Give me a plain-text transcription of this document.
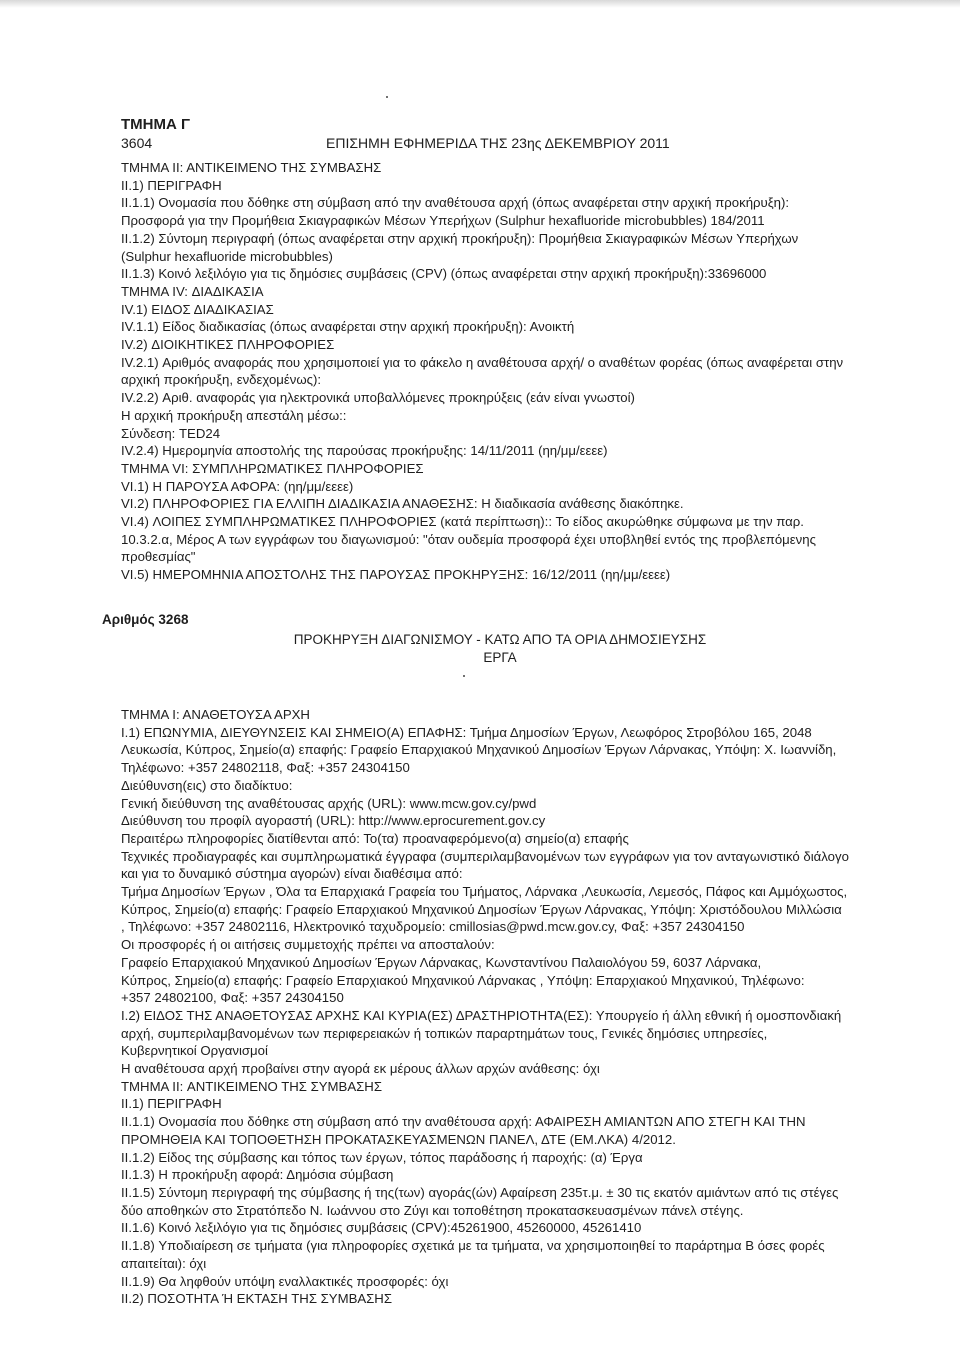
ΤΜΗΜΑ Γ
3604	ΕΠΙΣΗΜΗ ΕΦΗΜΕΡΙΔΑ ΤΗΣ 23ης ΔΕΚΕΜΒΡΙΟΥ 2011

ΤΜΗΜΑ ΙΙ: ΑΝΤΙΚΕΙΜΕΝΟ ΤΗΣ ΣΥΜΒΑΣΗΣ

II.1) ΠΕΡΙΓΡΑΦΗ

II.1.1) Ονομασία που δόθηκε στη σύμβαση από την αναθέτουσα αρχή (όπως αναφέρεται στην αρχική προκήρυξη):

Προσφορά για την Προμήθεια Σκιαγραφικών Μέσων Υπερήχων (Sulphur hexafluoride microbubbles) 184/2011

II.1.2) Σύντομη περιγραφή (όπως αναφέρεται στην αρχική προκήρυξη): Προμήθεια Σκιαγραφικών Μέσων Υπερήχων

(Sulphur hexafluoride microbubbles)

II.1.3) Κοινό λεξιλόγιο για τις δημόσιες συμβάσεις (CPV) (όπως αναφέρεται στην αρχική προκήρυξη):33696000

ΤΜΗΜΑ IV: ΔΙΑΔΙΚΑΣΙΑ

IV.1) ΕΙΔΟΣ ΔΙΑΔΙΚΑΣΙΑΣ

IV.1.1) Είδος διαδικασίας (όπως αναφέρεται στην αρχική προκήρυξη): Ανοικτή

IV.2) ΔΙΟΙΚΗΤΙΚΕΣ ΠΛΗΡΟΦΟΡΙΕΣ

IV.2.1) Αριθμός αναφοράς που χρησιμοποιεί για το φάκελο η αναθέτουσα αρχή/ ο αναθέτων φορέας (όπως αναφέρεται στην

αρχική προκήρυξη, ενδεχομένως):

IV.2.2) Αριθ. αναφοράς για ηλεκτρονικά υποβαλλόμενες προκηρύξεις (εάν είναι γνωστοί)

Η αρχική προκήρυξη απεστάλη μέσω::

Σύνδεση: TED24

IV.2.4) Ημερομηνία αποστολής της παρούσας προκήρυξης: 14/11/2011 (ηη/μμ/εεεε)

ΤΜΗΜΑ VI: ΣΥΜΠΛΗΡΩΜΑΤΙΚΕΣ ΠΛΗΡΟΦΟΡΙΕΣ

VI.1) Η ΠΑΡΟΥΣΑ ΑΦΟΡΑ: (ηη/μμ/εεεε)

VI.2) ΠΛΗΡΟΦΟΡΙΕΣ ΓΙΑ ΕΛΛΙΠΗ ΔΙΑΔΙΚΑΣΙΑ ΑΝΑΘΕΣΗΣ: Η διαδικασία ανάθεσης διακόπηκε.

VI.4) ΛΟΙΠΕΣ ΣΥΜΠΛΗΡΩΜΑΤΙΚΕΣ ΠΛΗΡΟΦΟΡΙΕΣ (κατά περίπτωση):: Το είδος ακυρώθηκε σύμφωνα με την παρ.

10.3.2.α, Μέρος Α των εγγράφων του διαγωνισμού: "όταν ουδεμία προσφορά έχει υποβληθεί εντός της προβλεπόμενης

προθεσμίας"

VI.5) ΗΜΕΡΟΜΗΝΙΑ ΑΠΟΣΤΟΛΗΣ ΤΗΣ ΠΑΡΟΥΣΑΣ ΠΡΟΚΗΡΥΞΗΣ: 16/12/2011 (ηη/μμ/εεεε)

Αριθμός 3268
ΠΡΟΚΗΡΥΞΗ ΔΙΑΓΩΝΙΣΜΟΥ - ΚΑΤΩ ΑΠΟ ΤΑ ΟΡΙΑ ΔΗΜΟΣΙΕΥΣΗΣ
ΕΡΓΑ

ΤΜΗΜΑ Ι: ΑΝΑΘΕΤΟΥΣΑ ΑΡΧΗ

I.1) ΕΠΩΝΥΜΙΑ, ΔΙΕΥΘΥΝΣΕΙΣ ΚΑΙ ΣΗΜΕΙΟ(Α) ΕΠΑΦΗΣ: Τμήμα Δημοσίων Έργων, Λεωφόρος Στροβόλου 165, 2048

Λευκωσία, Κύπρος, Σημείο(α) επαφής: Γραφείο Επαρχιακού Μηχανικού Δημοσίων Έργων Λάρνακας, Υπόψη: Χ. Ιωαννίδη,

Τηλέφωνο: +357 24802118, Φαξ: +357 24304150

Διεύθυνση(εις) στο διαδίκτυο:

Γενική διεύθυνση της αναθέτουσας αρχής (URL): www.mcw.gov.cy/pwd

Διεύθυνση του προφίλ αγοραστή (URL): http://www.eprocurement.gov.cy

Περαιτέρω πληροφορίες διατίθενται από: Το(τα) προαναφερόμενο(α) σημείο(α) επαφής

Τεχνικές προδιαγραφές και συμπληρωματικά έγγραφα (συμπεριλαμβανομένων των εγγράφων για τον ανταγωνιστικό διάλογο

και για το δυναμικό σύστημα αγορών) είναι διαθέσιμα από:

Τμήμα Δημοσίων Έργων , Όλα τα Επαρχιακά Γραφεία του Τμήματος, Λάρνακα ,Λευκωσία, Λεμεσός, Πάφος και Αμμόχωστος,

Κύπρος, Σημείο(α) επαφής: Γραφείο Επαρχιακού Μηχανικού Δημοσίων Έργων Λάρνακας, Υπόψη: Χριστόδουλου Μιλλώσια

, Τηλέφωνο: +357 24802116, Ηλεκτρονικό ταχυδρομείο: cmillosias@pwd.mcw.gov.cy, Φαξ: +357 24304150

Οι προσφορές ή οι αιτήσεις συμμετοχής πρέπει να αποσταλούν:

Γραφείο Επαρχιακού Μηχανικού Δημοσίων Έργων Λάρνακας, Κωνσταντίνου Παλαιολόγου 59, 6037 Λάρνακα,

Κύπρος, Σημείο(α) επαφής: Γραφείο Επαρχιακού Μηχανικού Λάρνακας , Υπόψη: Επαρχιακού Μηχανικού, Τηλέφωνο:

+357 24802100, Φαξ: +357 24304150

I.2) ΕΙΔΟΣ ΤΗΣ ΑΝΑΘΕΤΟΥΣΑΣ ΑΡΧΗΣ ΚΑΙ ΚΥΡΙΑ(ΕΣ) ΔΡΑΣΤΗΡΙΟΤΗΤΑ(ΕΣ): Υπουργείο ή άλλη εθνική ή ομοσπονδιακή

αρχή, συμπεριλαμβανομένων των περιφερειακών ή τοπικών παραρτημάτων τους, Γενικές δημόσιες υπηρεσίες,

Κυβερνητικοί Οργανισμοί

Η αναθέτουσα αρχή προβαίνει στην αγορά εκ μέρους άλλων αρχών ανάθεσης: όχι

ΤΜΗΜΑ II: ΑΝΤΙΚΕΙΜΕΝΟ ΤΗΣ ΣΥΜΒΑΣΗΣ

II.1) ΠΕΡΙΓΡΑΦΗ

II.1.1) Ονομασία που δόθηκε στη σύμβαση από την αναθέτουσα αρχή: ΑΦΑΙΡΕΣΗ ΑΜΙΑΝΤΩΝ ΑΠΟ ΣΤΕΓΗ ΚΑΙ ΤΗΝ

ΠΡΟΜΗΘΕΙΑ ΚΑΙ ΤΟΠΟΘΕΤΗΣΗ ΠΡΟΚΑΤΑΣΚΕΥΑΣΜΕΝΩΝ ΠΑΝΕΛ, ΔΤΕ (ΕΜ.ΛΚΑ) 4/2012.

II.1.2) Είδος της σύμβασης και τόπος των έργων, τόπος παράδοσης ή παροχής: (α) Έργα

II.1.3) Η προκήρυξη αφορά: Δημόσια σύμβαση

II.1.5) Σύντομη περιγραφή της σύμβασης ή της(των) αγοράς(ών) Αφαίρεση 235τ.μ. ± 30 τις εκατόν αμιάντων από τις στέγες

δύο αποθηκών στο Στρατόπεδο Ν. Ιωάννου στο Ζύγι και τοποθέτηση προκατασκευασμένων πάνελ στέγης.

II.1.6) Κοινό λεξιλόγιο για τις δημόσιες συμβάσεις (CPV):45261900, 45260000, 45261410

II.1.8) Υποδιαίρεση σε τμήματα (για πληροφορίες σχετικά με τα τμήματα, να χρησιμοποιηθεί το παράρτημα Β όσες φορές

απαιτείται): όχι

II.1.9) Θα ληφθούν υπόψη εναλλακτικές προσφορές: όχι

II.2) ΠΟΣΟΤΗΤΑ Ή ΕΚΤΑΣΗ ΤΗΣ ΣΥΜΒΑΣΗΣ
